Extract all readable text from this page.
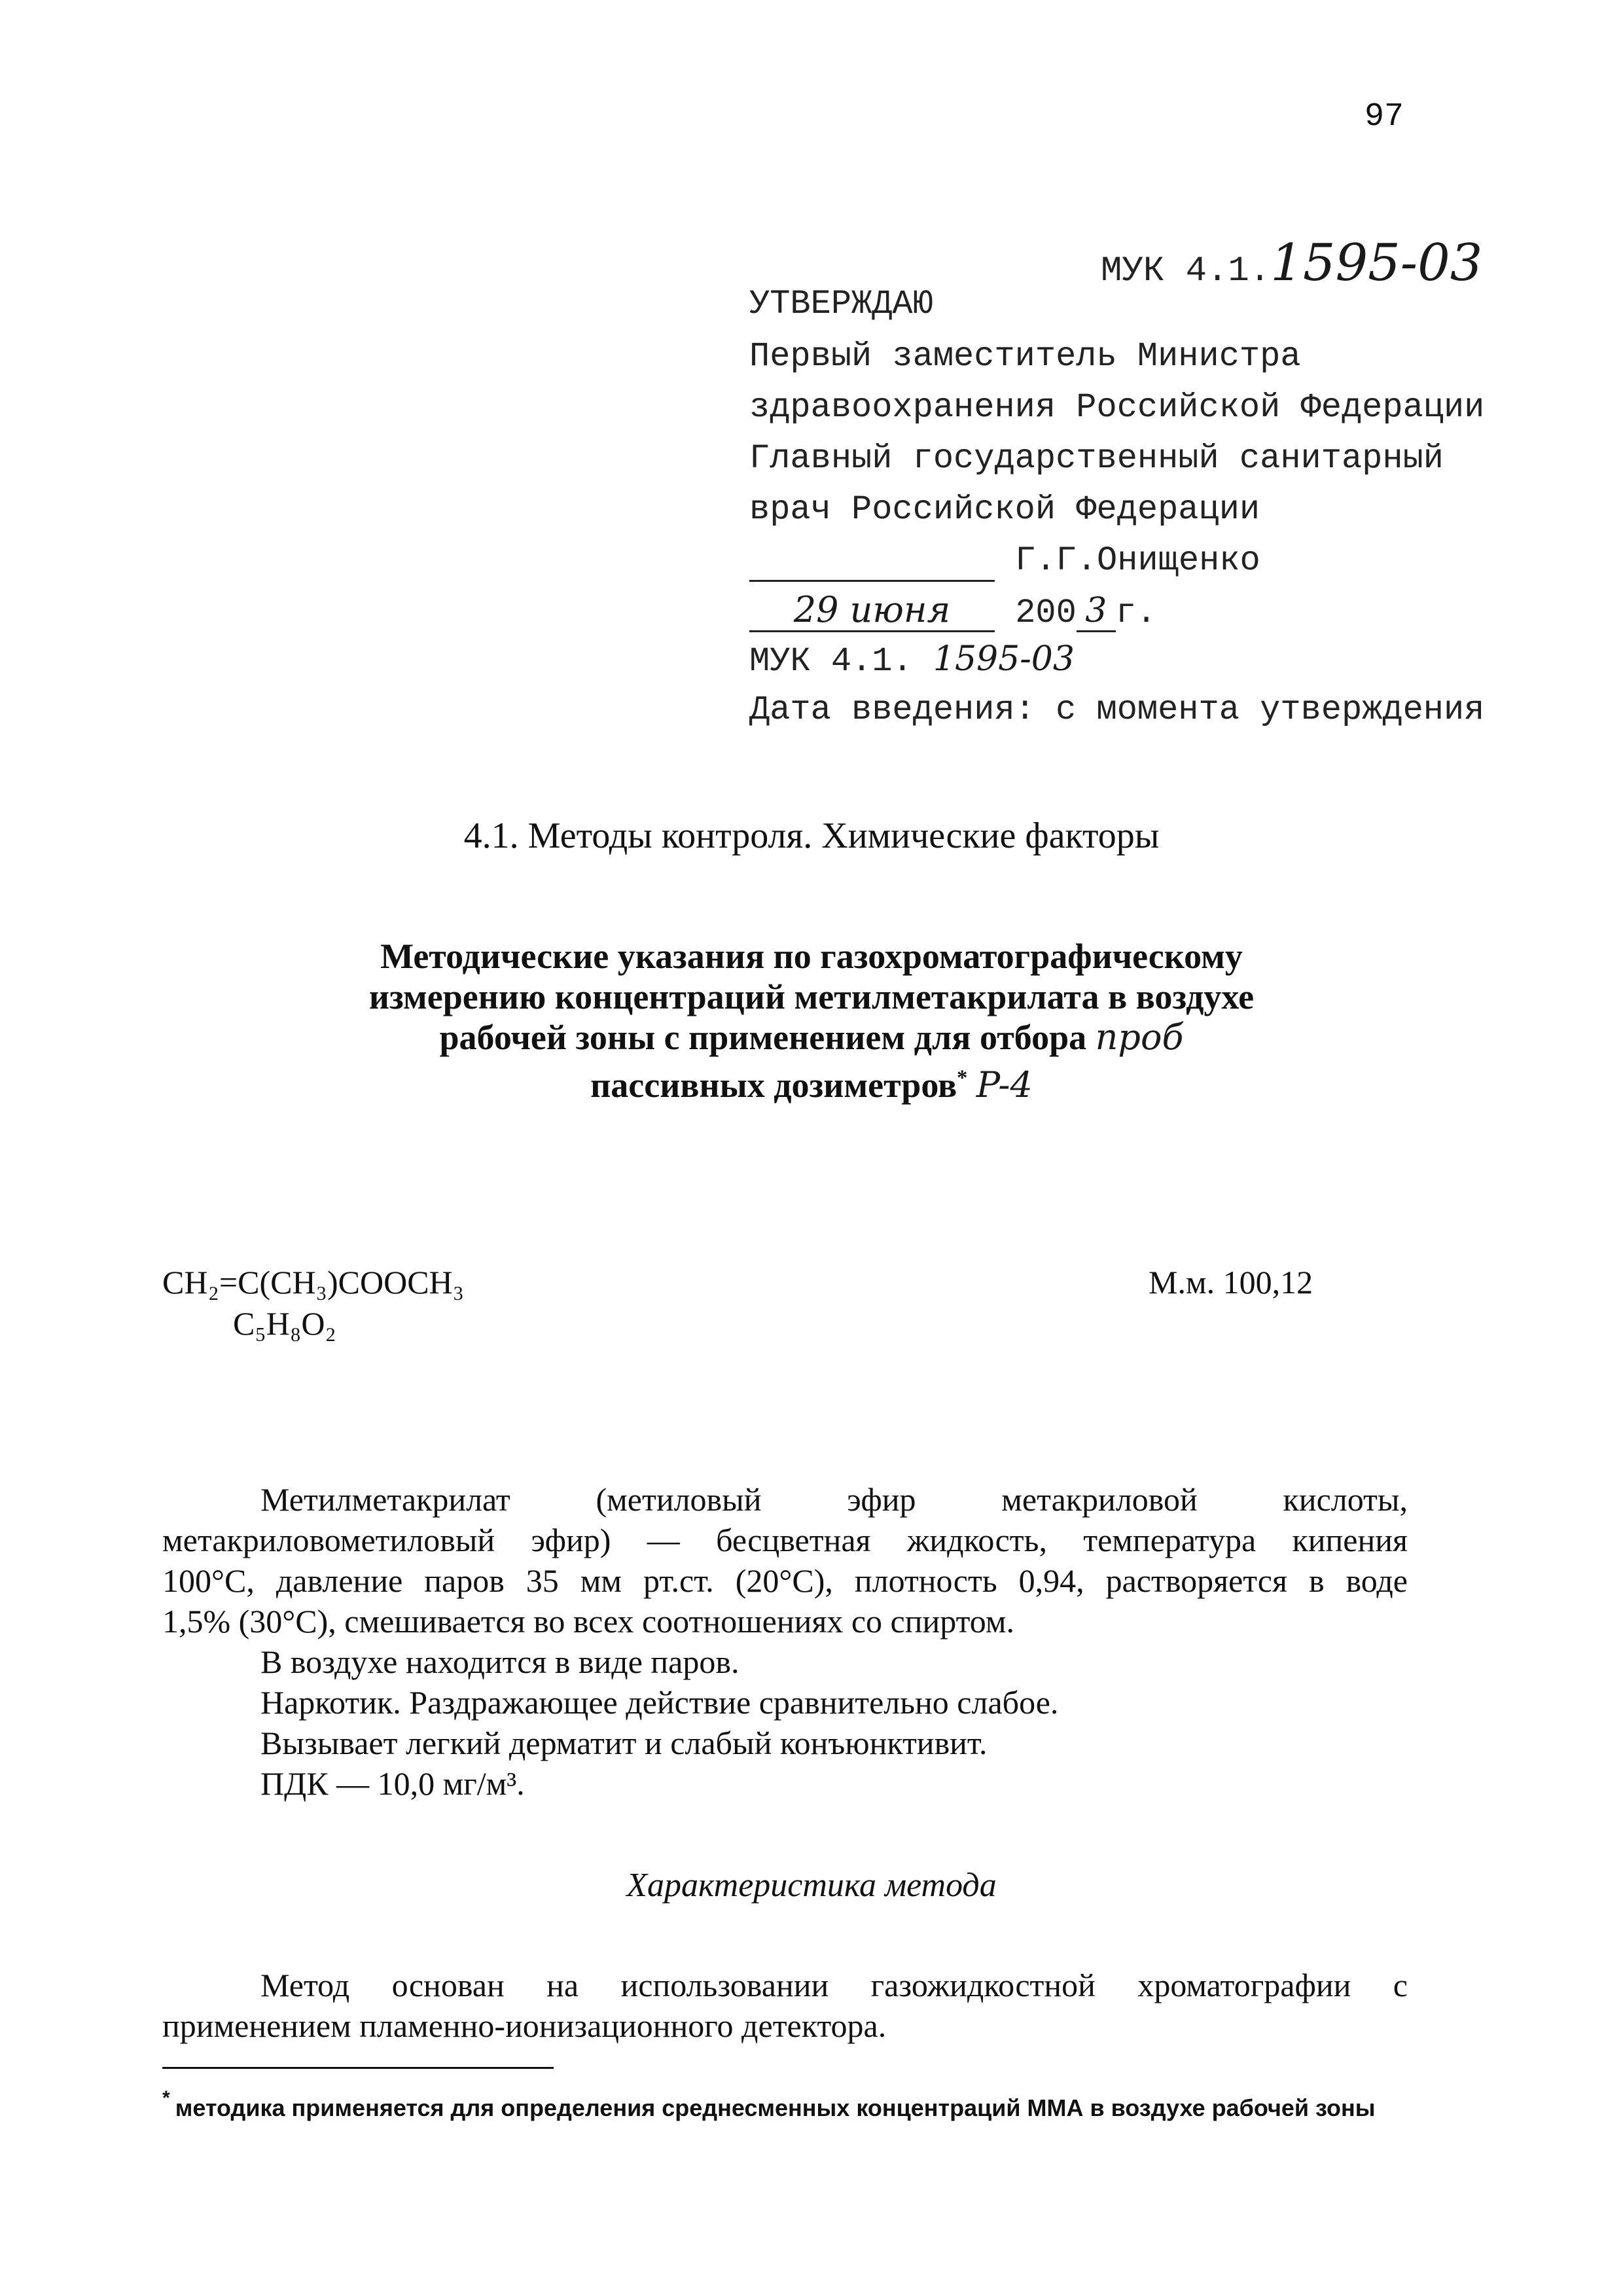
97
МУК 4.1.1595-03
УТВЕРЖДАЮ
Первый заместитель Министра
здравоохранения Российской Федерации
Главный государственный санитарный
врач Российской Федерации
Г.Г.Онищенко
29 июня 200 3 г.
МУК 4.1. 1595-03
Дата введения: с момента утверждения
4.1. Методы контроля. Химические факторы
Методические указания по газохроматографическому
измерению концентраций метилметакрилата в воздухе
рабочей зоны с применением для отбора проб
пассивных дозиметров* P-4
CH₂=C(CH₃)COOCH₃
C₅H₈O₂
М.м. 100,12
Метилметакрилат (метиловый эфир метакриловой кислоты,
метакриловометиловый эфир) — бесцветная жидкость, температура кипения
100°С, давление паров 35 мм рт.ст. (20°С), плотность 0,94, растворяется в воде
1,5% (30°С), смешивается во всех соотношениях со спиртом.
В воздухе находится в виде паров.
Наркотик. Раздражающее действие сравнительно слабое.
Вызывает легкий дерматит и слабый конъюнктивит.
ПДК — 10,0 мг/м³.
Характеристика метода
Метод основан на использовании газожидкостной хроматографии с
применением пламенно-ионизационного детектора.
* методика применяется для определения среднесменных концентраций ММА в воздухе рабочей зоны
